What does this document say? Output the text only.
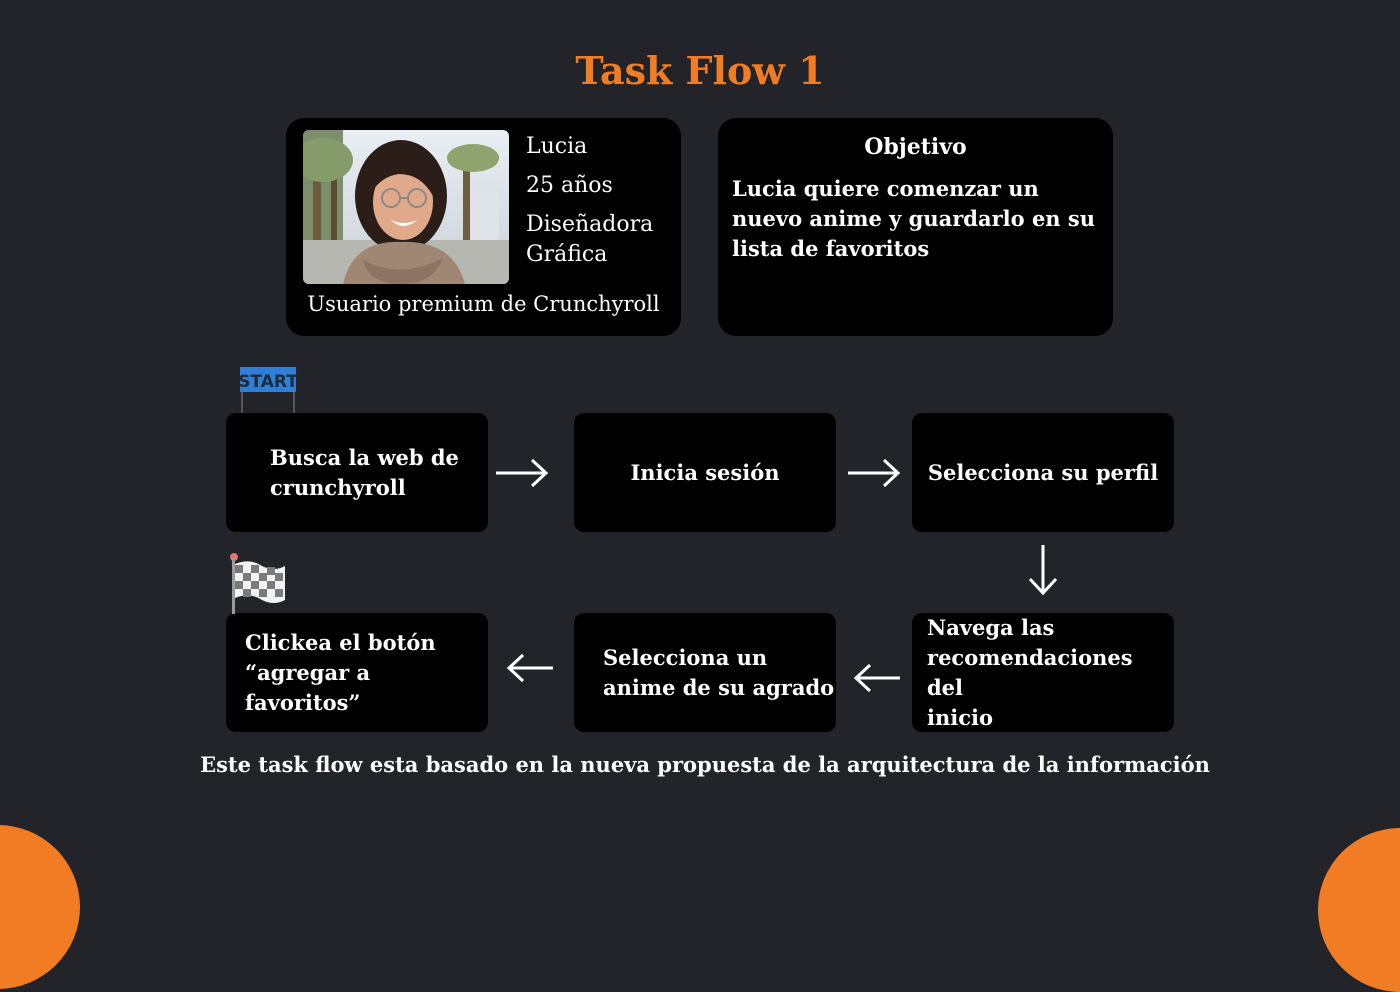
Task Flow 1
Lucia
25 años
Diseñadora
Gráfica
Usuario premium de Crunchyroll
Objetivo
Lucia quiere comenzar un nuevo anime y guardarlo en su lista de favoritos
START
Busca la web de
crunchyroll
Inicia sesión	Selecciona su perfil
Navega las
recomendaciones del
inicio
Selecciona un
anime de su agrado
Clickea el botón
“agregar a favoritos”
Este task flow esta basado en la nueva propuesta de la arquitectura de la información
